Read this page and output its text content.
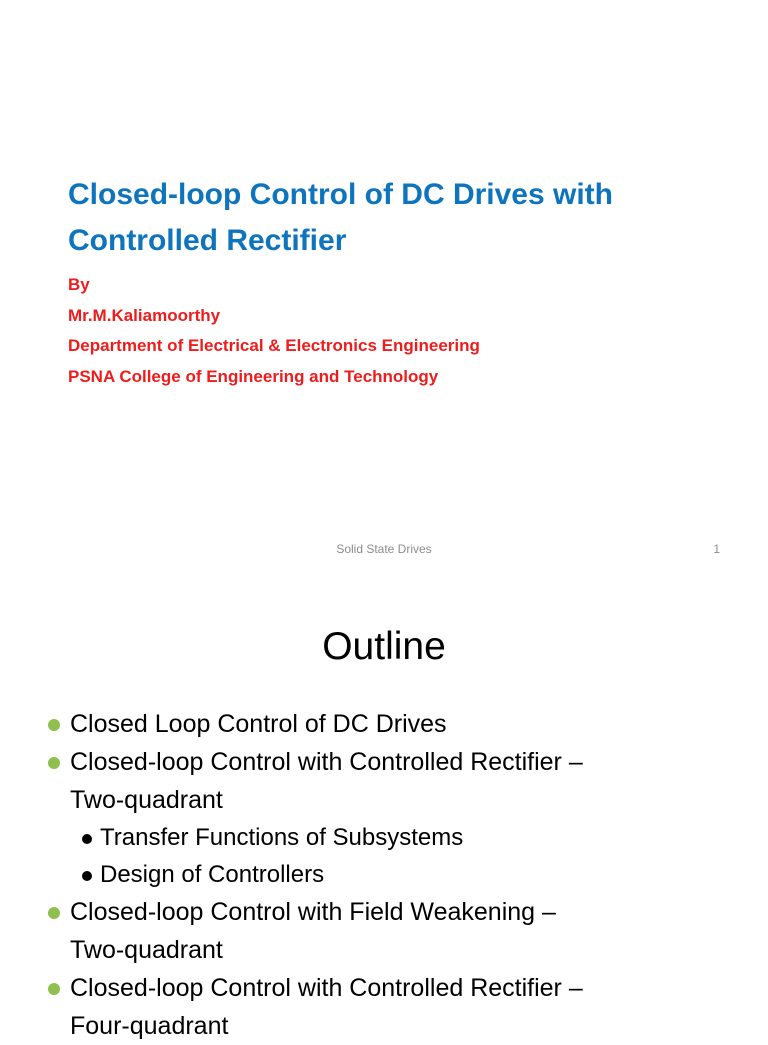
Closed-loop Control of DC Drives with
Controlled Rectifier
By
Mr.M.Kaliamoorthy
Department of Electrical & Electronics Engineering
PSNA College of Engineering and Technology
Solid State Drives	1
Outline
Closed Loop Control of DC Drives
Closed-loop Control with Controlled Rectifier –
Two-quadrant
Transfer Functions of Subsystems
Design of Controllers
Closed-loop Control with Field Weakening –
Two-quadrant
Closed-loop Control with Controlled Rectifier –
Four-quadrant
